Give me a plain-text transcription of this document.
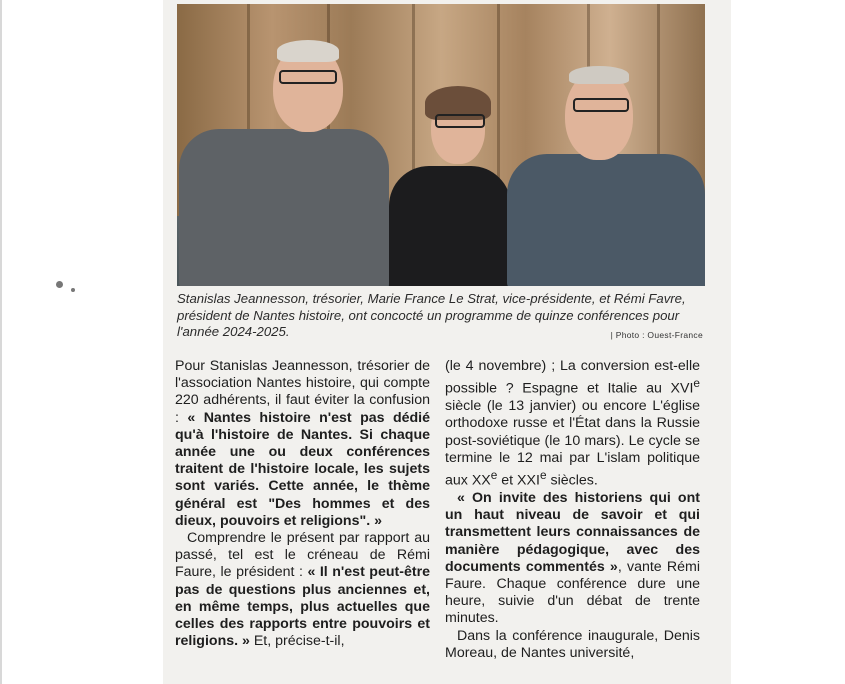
Stanislas Jeannesson, trésorier, Marie France Le Strat, vice-présidente, et Rémi Favre, président de Nantes histoire, ont concocté un programme de quinze conférences pour l'année 2024-2025.	| Photo : Ouest-France

Pour Stanislas Jeannesson, trésorier de l'association Nantes histoire, qui compte 220 adhérents, il faut éviter la confusion : « Nantes histoire n'est pas dédié qu'à l'histoire de Nantes. Si chaque année une ou deux conférences traitent de l'histoire locale, les sujets sont variés. Cette année, le thème général est "Des hommes et des dieux, pouvoirs et religions". »

Comprendre le présent par rapport au passé, tel est le créneau de Rémi Faure, le président : « Il n'est peut-être pas de questions plus anciennes et, en même temps, plus actuelles que celles des rapports entre pouvoirs et religions. » Et, précise-t-il,

(le 4 novembre) ; La conversion est-elle possible ? Espagne et Italie au XVIe siècle (le 13 janvier) ou encore L'église orthodoxe russe et l'État dans la Russie post-soviétique (le 10 mars). Le cycle se termine le 12 mai par L'islam politique aux XXe et XXIe siècles.

« On invite des historiens qui ont un haut niveau de savoir et qui transmettent leurs connaissances de manière pédagogique, avec des documents commentés », vante Rémi Faure. Chaque conférence dure une heure, suivie d'un débat de trente minutes.

Dans la conférence inaugurale, Denis Moreau, de Nantes université,
